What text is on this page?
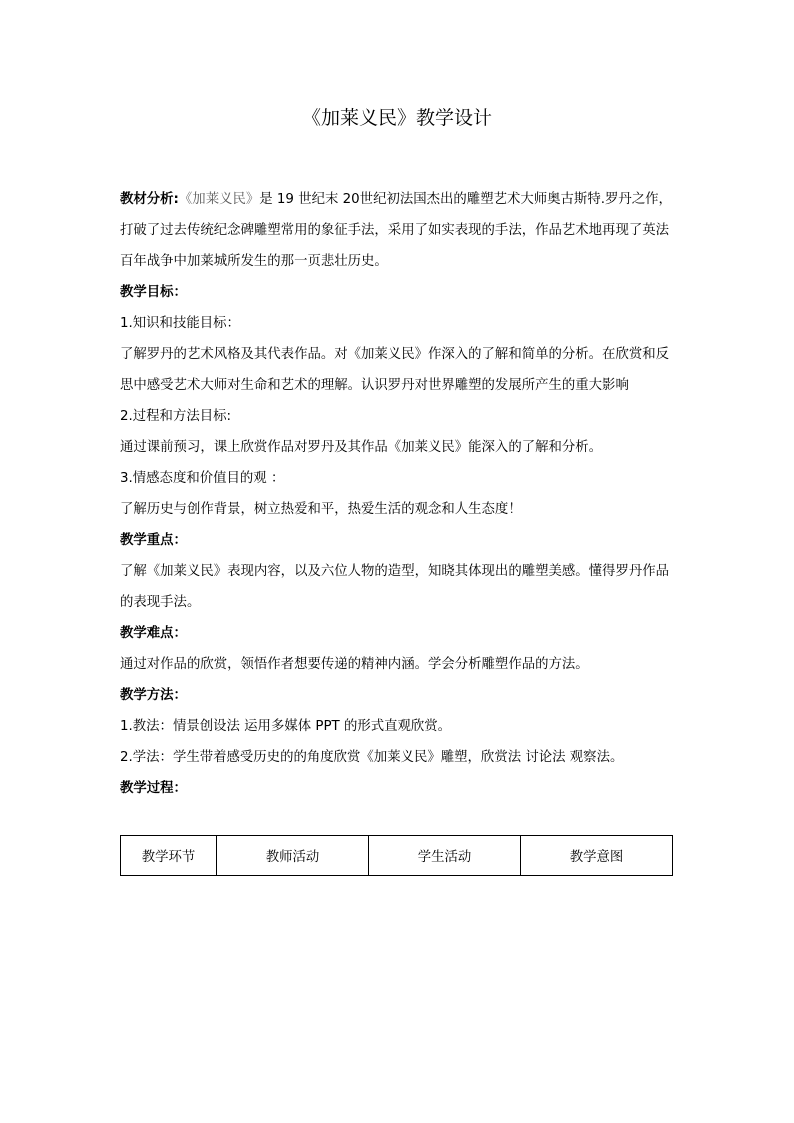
《加莱义民》教学设计

教材分析:《加莱义民》是 19 世纪末 20世纪初法国杰出的雕塑艺术大师奥古斯特.罗丹之作，打破了过去传统纪念碑雕塑常用的象征手法，采用了如实表现的手法，作品艺术地再现了英法百年战争中加莱城所发生的那一页悲壮历史。

教学目标：

1.知识和技能目标：

了解罗丹的艺术风格及其代表作品。对《加莱义民》作深入的了解和简单的分析。在欣赏和反思中感受艺术大师对生命和艺术的理解。认识罗丹对世界雕塑的发展所产生的重大影响

2.过程和方法目标:

通过课前预习，课上欣赏作品对罗丹及其作品《加莱义民》能深入的了解和分析。

3.情感态度和价值目的观 ：

了解历史与创作背景，树立热爱和平，热爱生活的观念和人生态度！

教学重点：

了解《加莱义民》表现内容，以及六位人物的造型，知晓其体现出的雕塑美感。懂得罗丹作品的表现手法。

教学难点：

通过对作品的欣赏，领悟作者想要传递的精神内涵。学会分析雕塑作品的方法。

教学方法：

1.教法：情景创设法 运用多媒体 PPT 的形式直观欣赏。

2.学法：学生带着感受历史的的角度欣赏《加莱义民》雕塑，欣赏法 讨论法 观察法。

教学过程：

教学环节	教师活动	学生活动	教学意图
